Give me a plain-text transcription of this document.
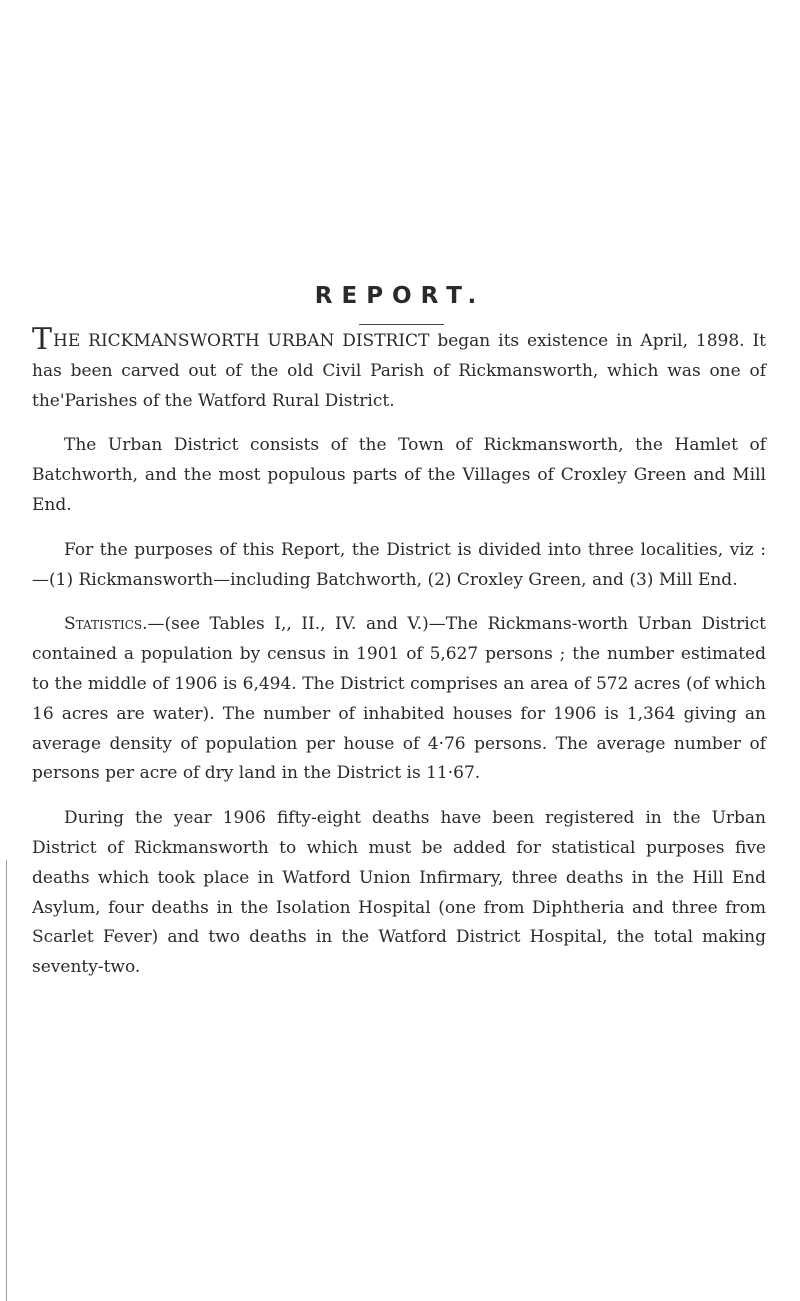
REPORT.

THE RICKMANSWORTH URBAN DISTRICT began its existence in April, 1898. It has been carved out of the old Civil Parish of Rickmansworth, which was one of the'Parishes of the Watford Rural District.

The Urban District consists of the Town of Rickmansworth, the Hamlet of Batchworth, and the most populous parts of the Villages of Croxley Green and Mill End.

For the purposes of this Report, the District is divided into three localities, viz :—(1) Rickmansworth—including Batchworth, (2) Croxley Green, and (3) Mill End.

Statistics.—(see Tables I,, II., IV. and V.)—The Rickmans-worth Urban District contained a population by census in 1901 of 5,627 persons ; the number estimated to the middle of 1906 is 6,494. The District comprises an area of 572 acres (of which 16 acres are water). The number of inhabited houses for 1906 is 1,364 giving an average density of population per house of 4·76 persons. The average number of persons per acre of dry land in the District is 11·67.

During the year 1906 fifty-eight deaths have been registered in the Urban District of Rickmansworth to which must be added for statistical purposes five deaths which took place in Watford Union Infirmary, three deaths in the Hill End Asylum, four deaths in the Isolation Hospital (one from Diphtheria and three from Scarlet Fever) and two deaths in the Watford District Hospital, the total making seventy-two.
